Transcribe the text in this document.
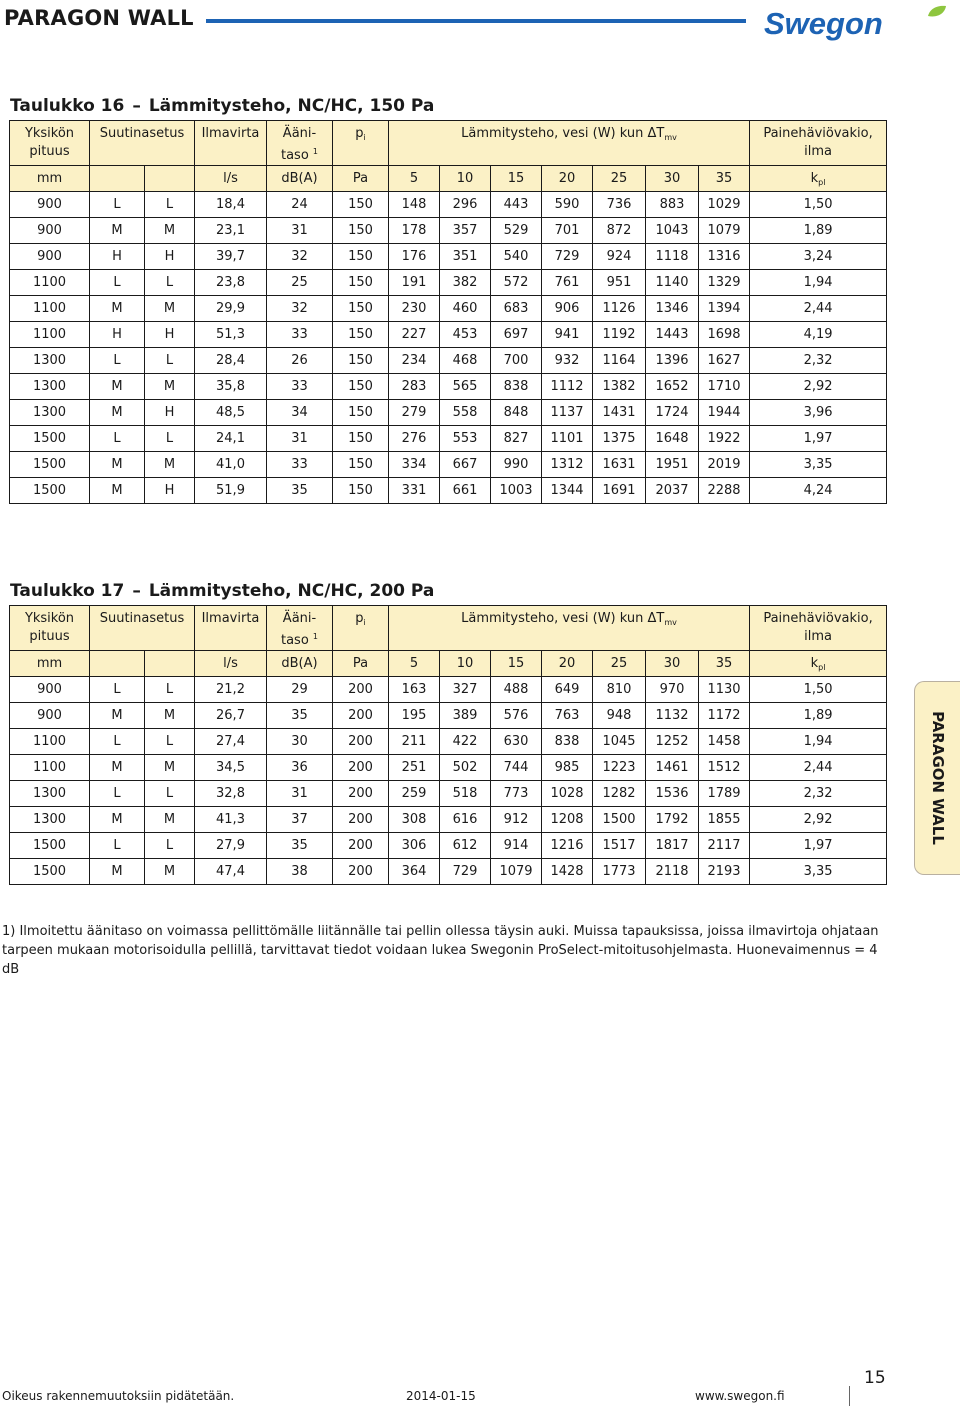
PARAGON WALL	Swegon
Taulukko 16 – Lämmitysteho, NC/HC, 150 Pa
Yksikön
pituus	Suutinasetus		Ilmavirta	Ääni-
taso $^1$	$p_i$	Lämmitysteho, vesi (W) kun $\Delta T_{mv}$							Painehäviövakio,
ilma
mm			l/s	dB(A)	Pa	5	10	15	20	25	30	35	$k_{pl}$
900	L	L	18,4	24	150	148	296	443	590	736	883	1029	1,50
900	M	M	23,1	31	150	178	357	529	701	872	1043	1079	1,89
900	H	H	39,7	32	150	176	351	540	729	924	1118	1316	3,24
1100	L	L	23,8	25	150	191	382	572	761	951	1140	1329	1,94
1100	M	M	29,9	32	150	230	460	683	906	1126	1346	1394	2,44
1100	H	H	51,3	33	150	227	453	697	941	1192	1443	1698	4,19
1300	L	L	28,4	26	150	234	468	700	932	1164	1396	1627	2,32
1300	M	M	35,8	33	150	283	565	838	1112	1382	1652	1710	2,92
1300	M	H	48,5	34	150	279	558	848	1137	1431	1724	1944	3,96
1500	L	L	24,1	31	150	276	553	827	1101	1375	1648	1922	1,97
1500	M	M	41,0	33	150	334	667	990	1312	1631	1951	2019	3,35
1500	M	H	51,9	35	150	331	661	1003	1344	1691	2037	2288	4,24
Taulukko 17 – Lämmitysteho, NC/HC, 200 Pa
Yksikön
pituus	Suutinasetus		Ilmavirta	Ääni-
taso $^1$	$p_i$	Lämmitysteho, vesi (W) kun $\Delta T_{mv}$							Painehäviövakio,
ilma
mm			l/s	dB(A)	Pa	5	10	15	20	25	30	35	$k_{pl}$
900	L	L	21,2	29	200	163	327	488	649	810	970	1130	1,50
900	M	M	26,7	35	200	195	389	576	763	948	1132	1172	1,89
1100	L	L	27,4	30	200	211	422	630	838	1045	1252	1458	1,94
1100	M	M	34,5	36	200	251	502	744	985	1223	1461	1512	2,44
1300	L	L	32,8	31	200	259	518	773	1028	1282	1536	1789	2,32
1300	M	M	41,3	37	200	308	616	912	1208	1500	1792	1855	2,92
1500	L	L	27,9	35	200	306	612	914	1216	1517	1817	2117	1,97
1500	M	M	47,4	38	200	364	729	1079	1428	1773	2118	2193	3,35
PARAGON WALL
1) Ilmoitettu äänitaso on voimassa pellittömälle liitännälle tai pellin ollessa täysin auki. Muissa tapauksissa, joissa ilmavirtoja ohjataan tarpeen mukaan motorisoidulla pellillä, tarvittavat tiedot voidaan lukea Swegonin ProSelect-mitoitusohjelmasta. Huonevaimennus = 4 dB
15
Oikeus rakennemuutoksiin pidätetään.	2014-01-15	www.swegon.fi
